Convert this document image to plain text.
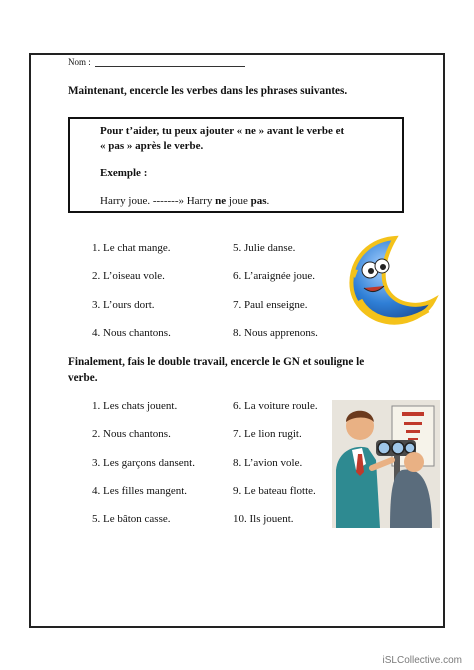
Nom :
Maintenant, encercle les verbes dans les phrases suivantes.
Pour t’aider, tu peux ajouter « ne » avant le verbe et
« pas » après le verbe.
Exemple :
Harry joue. -------» Harry ne joue pas.
1. Le chat mange.
2. L’oiseau vole.
3. L’ours dort.
4. Nous chantons.
5. Julie danse.
6. L’araignée joue.
7. Paul enseigne.
8. Nous apprenons.
Finalement, fais le double travail, encercle le GN et souligne le
verbe.
1. Les chats jouent.
2. Nous chantons.
3. Les garçons dansent.
4. Les filles mangent.
5. Le bâton casse.
6. La voiture roule.
7. Le lion rugit.
8. L’avion vole.
9. Le bateau flotte.
10. Ils jouent.
iSLCollective.com
